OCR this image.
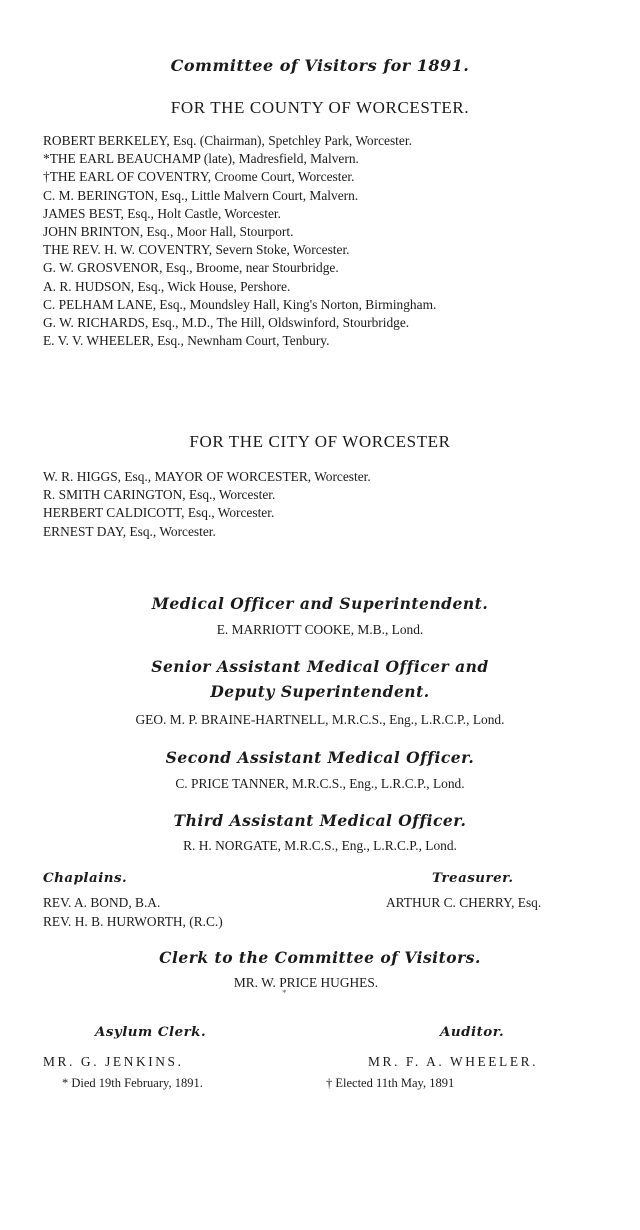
Committee of Visitors for 1891.
FOR THE COUNTY OF WORCESTER.
ROBERT BERKELEY, Esq. (Chairman), Spetchley Park, Worcester.
*THE EARL BEAUCHAMP (late), Madresfield, Malvern.
†THE EARL OF COVENTRY, Croome Court, Worcester.
C. M. BERINGTON, Esq., Little Malvern Court, Malvern.
JAMES BEST, Esq., Holt Castle, Worcester.
JOHN BRINTON, Esq., Moor Hall, Stourport.
THE REV. H. W. COVENTRY, Severn Stoke, Worcester.
G. W. GROSVENOR, Esq., Broome, near Stourbridge.
A. R. HUDSON, Esq., Wick House, Pershore.
C. PELHAM LANE, Esq., Moundsley Hall, King's Norton, Birmingham.
G. W. RICHARDS, Esq., M.D., The Hill, Oldswinford, Stourbridge.
E. V. V. WHEELER, Esq., Newnham Court, Tenbury.
FOR THE CITY OF WORCESTER
W. R. HIGGS, Esq., MAYOR OF WORCESTER, Worcester.
R. SMITH CARINGTON, Esq., Worcester.
HERBERT CALDICOTT, Esq., Worcester.
ERNEST DAY, Esq., Worcester.
Medical Officer and Superintendent.
E. MARRIOTT COOKE, M.B., Lond.
Senior Assistant Medical Officer and
Deputy Superintendent.
GEO. M. P. BRAINE-HARTNELL, M.R.C.S., Eng., L.R.C.P., Lond.
Second Assistant Medical Officer.
C. PRICE TANNER, M.R.C.S., Eng., L.R.C.P., Lond.
Third Assistant Medical Officer.
R. H. NORGATE, M.R.C.S., Eng., L.R.C.P., Lond.
Chaplains.	Treasurer.
REV. A. BOND, B.A.	ARTHUR C. CHERRY, Esq.
REV. H. B. HURWORTH, (R.C.)
Clerk to the Committee of Visitors.
MR. W. PRICE HUGHES.
*
Asylum Clerk.	Auditor.
MR. G. JENKINS.	MR. F. A. WHEELER.
* Died 19th February, 1891.	† Elected 11th May, 1891
